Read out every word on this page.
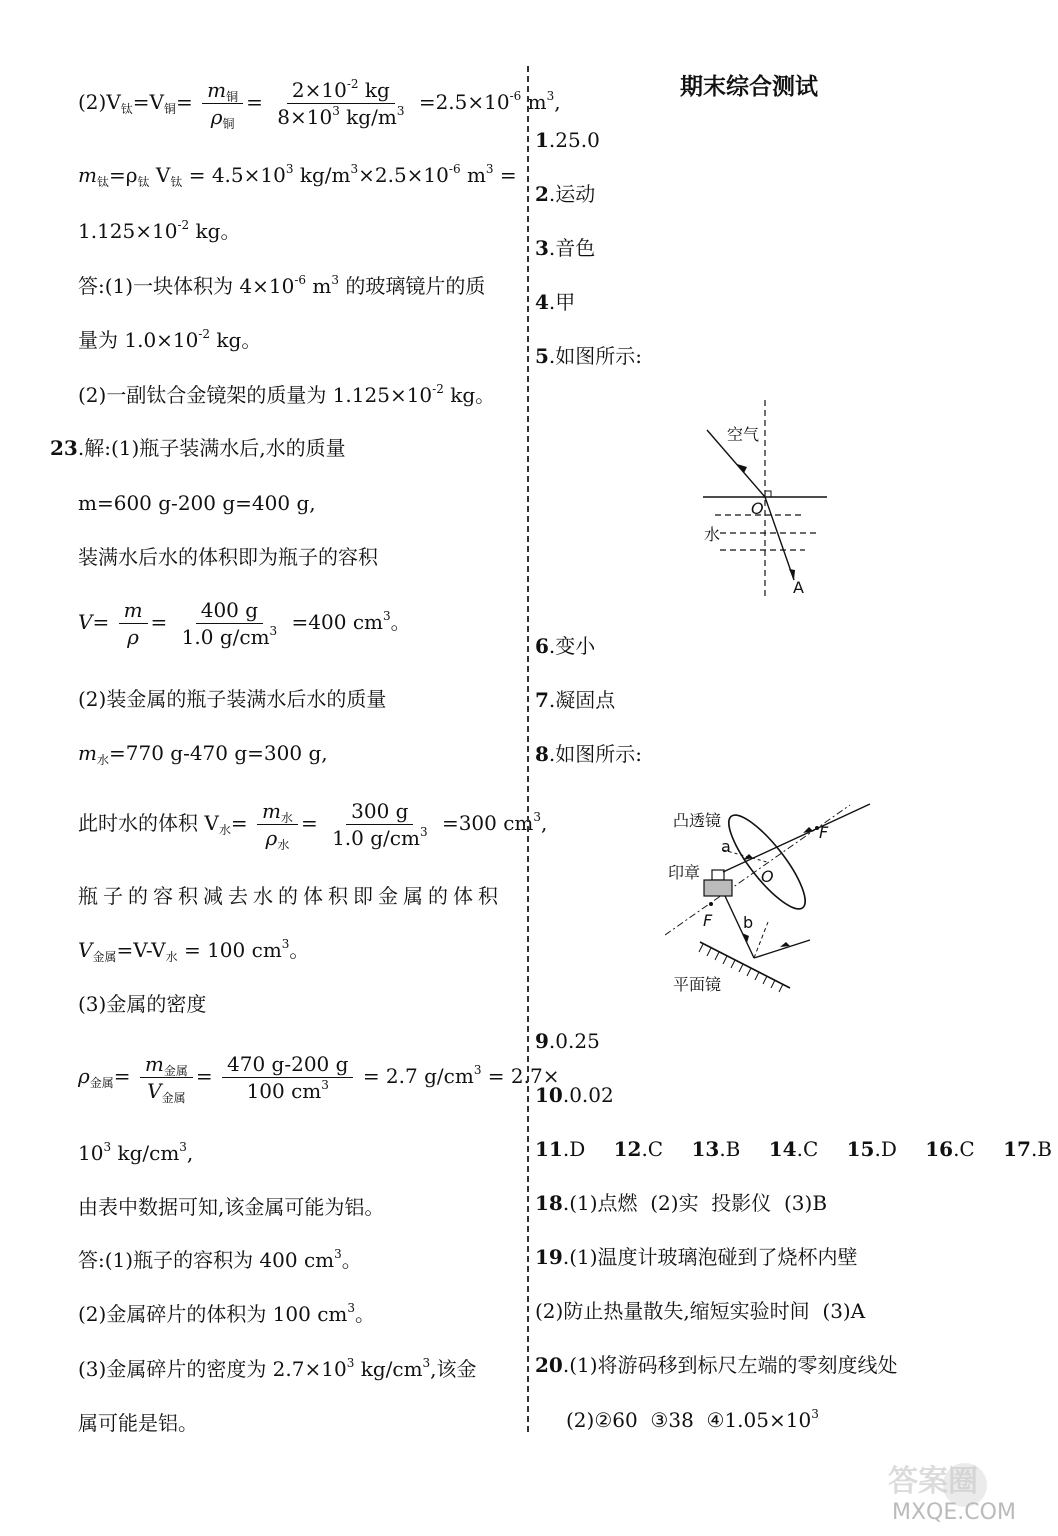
$(2)V_钛=V_铜= \frac{m_铜}{\rho_铜} = \frac{2\times 10^{-2} kg}{8\times 10^3 kg/m^3} =2.5\times 10^{-6}$ $m^3$,
$m_钛=\rho_钛$ $V_钛 = 4.5\times 10^3$ $kg/m^3\times 2.5\times 10^{-6}$ $m^3$ =
$1.125\times 10^{-2}$ kg。
答:(1)一块体积为 $4\times 10^{-6}$ $m^3$ 的玻璃镜片的质
量为 $1.0\times 10^{-2}$ kg。
(2)一副钛合金镜架的质量为 $1.125\times 10^{-2}$ kg。
23.解:(1)瓶子装满水后,水的质量
m=600 g-200 g=400 g,
装满水后水的体积即为瓶子的容积
$V= \frac{m}{\rho} = \frac{400 g}{1.0 g/cm^3} =400$ $cm^3$。
(2)装金属的瓶子装满水后水的质量
$m_水=770$ g-470 g=300 g,
此时水的体积 $V_水= \frac{m_水}{\rho_水} = \frac{300 g}{1.0 g/cm^3} =300$ $cm^3$,
瓶子的容积减去水的体积即金属的体积
$V_{金属}=V-V_水 = 100$ $cm^3$。
(3)金属的密度
$\rho_{金属}= \frac{m_{金属}}{V_{金属}} = \frac{470 g-200 g}{100 cm^3} = 2.7$ $g/cm^3 = 2.7\times$
$10^3$ $kg/cm^3$,
由表中数据可知,该金属可能为铝。
答:(1)瓶子的容积为 400 $cm^3$。
(2)金属碎片的体积为 100 $cm^3$。
(3)金属碎片的密度为 $2.7\times 10^3$ $kg/cm^3$,该金
属可能是铝。
期末综合测试
1.25.0
2.运动
3.音色
4.甲
5.如图所示:
空气
水
O
A
6.变小
7.凝固点
8.如图所示:
凸透镜
印章
平面镜
a
b
O
F
F
9.0.25
10.0.02
11.D 12.C 13.B 14.C 15.D 16.C 17.B
18.(1)点燃  (2)实  投影仪  (3)B
19.(1)温度计玻璃泡碰到了烧杯内壁
(2)防止热量散失,缩短实验时间  (3)A
20.(1)将游码移到标尺左端的零刻度线处
(2)②60  ③38  $④1.05\times 10^3$
答案圈
MXQE.COM
